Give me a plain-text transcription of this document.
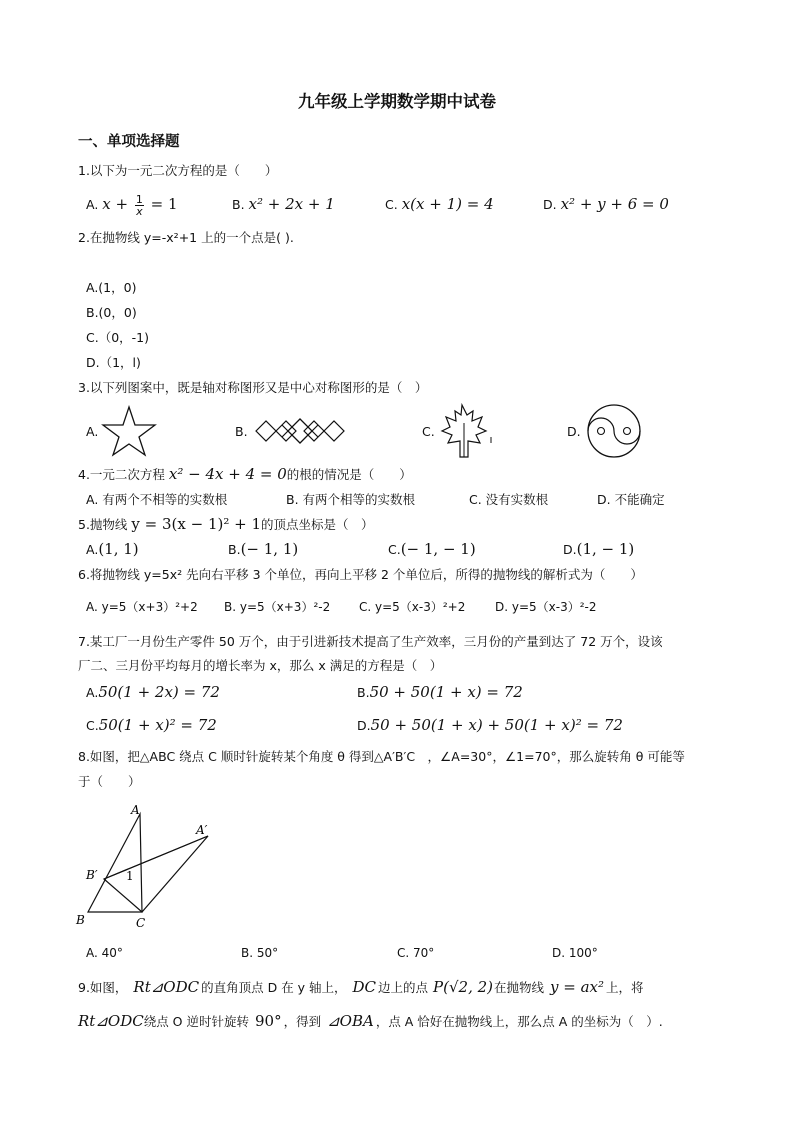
九年级上学期数学期中试卷
一、单项选择题
1.以下为一元二次方程的是（　　）
A. $x + \frac{1}{x} = 1$	B. x² + 2x + 1	C. x(x + 1) = 4	D. x² + y + 6 = 0
2.在抛物线 y=-x²+1 上的一个点是( ).
A.(1，0)
B.(0，0)
C.（0，-1)
D.（1，l)
3.以下列图案中，既是轴对称图形又是中心对称图形的是（　）
A.	B.	C.	D.
4.一元二次方程 x² − 4x + 4 = 0的根的情况是（　　）
A. 有两个不相等的实数根	B. 有两个相等的实数根	C. 没有实数根	D. 不能确定
5.抛物线 y = 3(x − 1)² + 1的顶点坐标是（　）
A.(1, 1)	B.(− 1, 1)	C.(− 1, − 1)	D.(1, − 1)
6.将抛物线 y=5x² 先向右平移 3 个单位，再向上平移 2 个单位后，所得的抛物线的解析式为（　　）
A. y=5（x+3）²+2 B. y=5（x+3）²-2 C. y=5（x-3）²+2 D. y=5（x-3）²-2
7.某工厂一月份生产零件 50 万个，由于引进新技术提高了生产效率，三月份的产量到达了 72 万个，设该
厂二、三月份平均每月的增长率为 x，那么 x 满足的方程是（　）
A.50(1 + 2x) = 72	B.50 + 50(1 + x) = 72
C.50(1 + x)² = 72	D.50 + 50(1 + x) + 50(1 + x)² = 72
8.如图，把△ABC 绕点 C 顺时针旋转某个角度 θ 得到△A′B′C　，∠A=30°，∠1=70°，那么旋转角 θ 可能等
于（　　）
A
A′
B′
B	C
1
A. 40°	B. 50°	C. 70°	D. 100°
9.如图， Rt⊿ODC 的直角顶点 D 在 y 轴上， DC 边上的点 P(√2, 2)在抛物线 y = ax² 上，将
Rt⊿ODC绕点 O 逆时针旋转 90° ，得到 ⊿OBA ，点 A 恰好在抛物线上，那么点 A 的坐标为（　）.
